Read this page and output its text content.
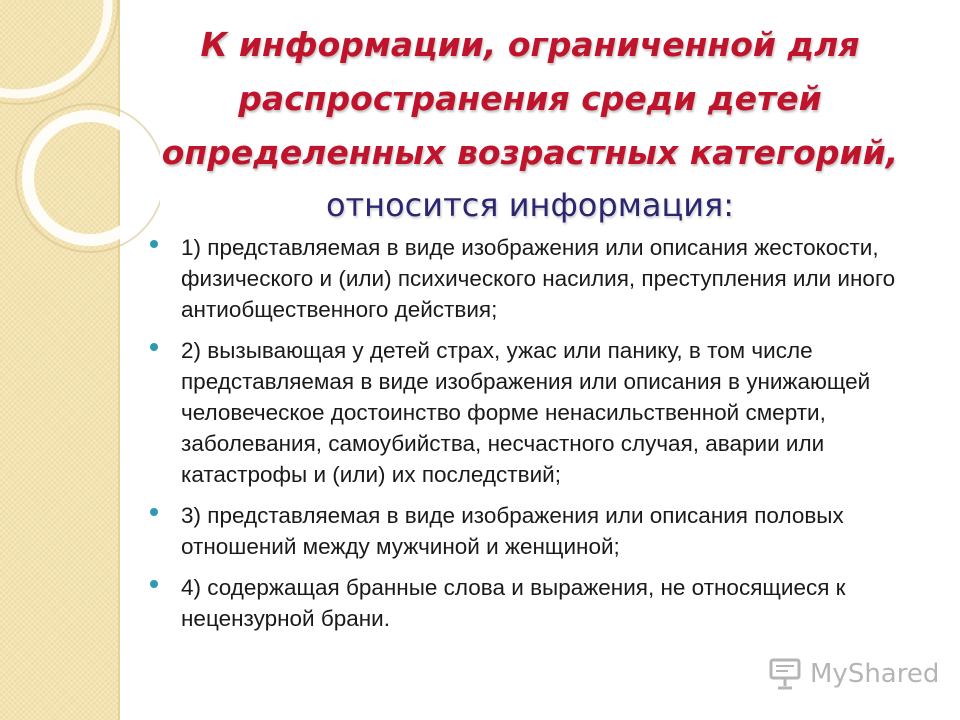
К информации, ограниченной для
распространения среди детей
определенных возрастных категорий,
относится информация:
1) представляемая в виде изображения или описания жестокости, физического и (или) психического насилия, преступления или иного антиобщественного действия;
2) вызывающая у детей страх, ужас или панику, в том числе представляемая в виде изображения или описания в унижающей человеческое достоинство форме ненасильственной смерти, заболевания, самоубийства, несчастного случая, аварии или катастрофы и (или) их последствий;
3) представляемая в виде изображения или описания половых отношений между мужчиной и женщиной;
4) содержащая бранные слова и выражения, не относящиеся к нецензурной брани.
MyShared
